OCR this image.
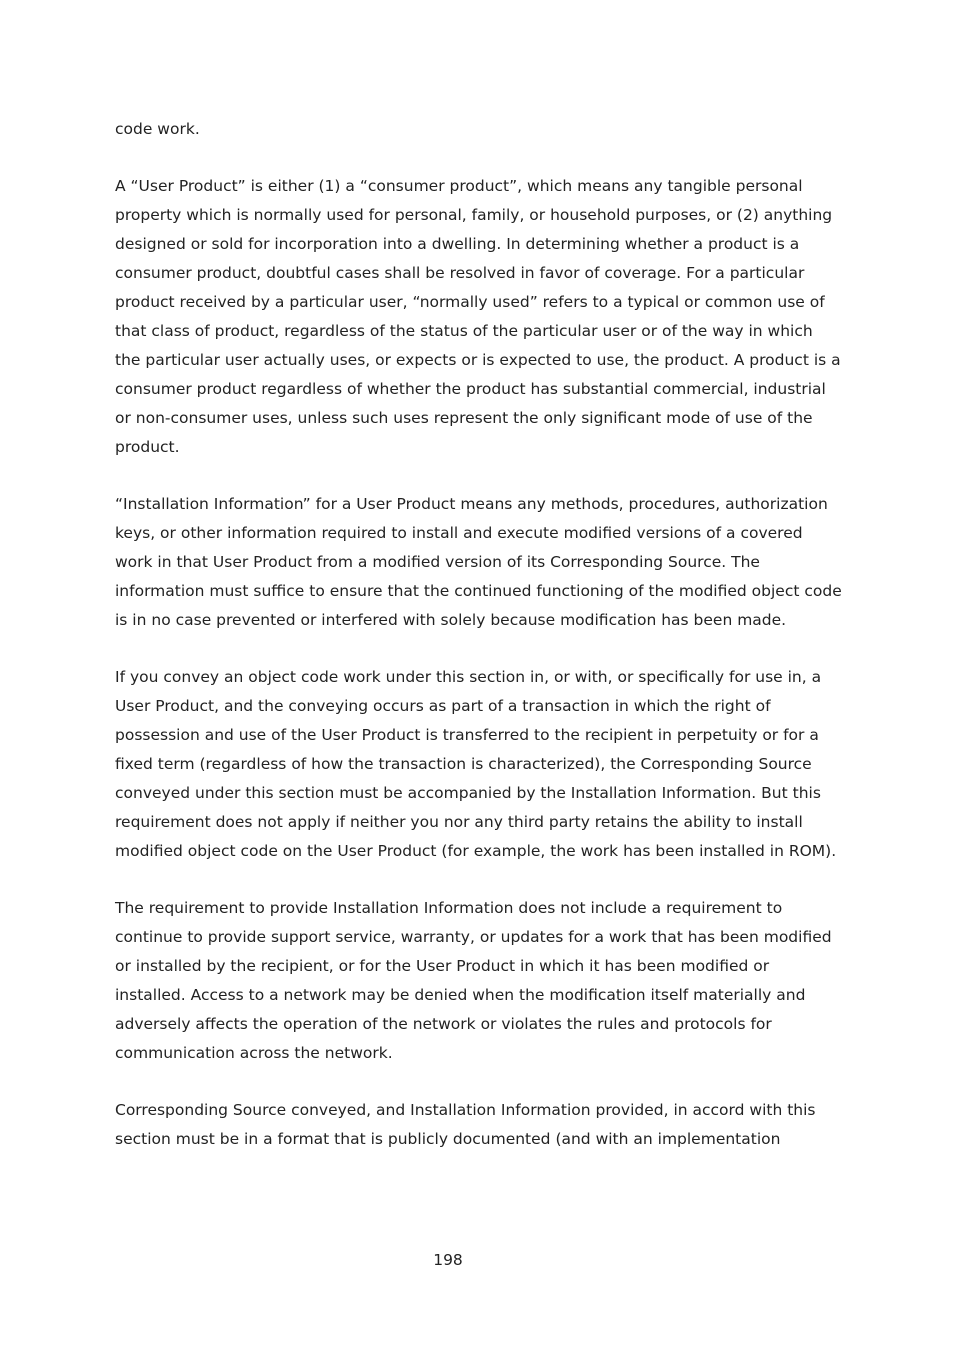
code work.

A “User Product” is either (1) a “consumer product”, which means any tangible personal property which is normally used for personal, family, or household purposes, or (2) anything designed or sold for incorporation into a dwelling. In determining whether a product is a consumer product, doubtful cases shall be resolved in favor of coverage. For a particular product received by a particular user, “normally used” refers to a typical or common use of that class of product, regardless of the status of the particular user or of the way in which the particular user actually uses, or expects or is expected to use, the product. A product is a consumer product regardless of whether the product has substantial commercial, industrial or non-consumer uses, unless such uses represent the only significant mode of use of the product.

“Installation Information” for a User Product means any methods, procedures, authorization keys, or other information required to install and execute modified versions of a covered work in that User Product from a modified version of its Corresponding Source. The information must suffice to ensure that the continued functioning of the modified object code is in no case prevented or interfered with solely because modification has been made.

If you convey an object code work under this section in, or with, or specifically for use in, a User Product, and the conveying occurs as part of a transaction in which the right of possession and use of the User Product is transferred to the recipient in perpetuity or for a fixed term (regardless of how the transaction is characterized), the Corresponding Source conveyed under this section must be accompanied by the Installation Information. But this requirement does not apply if neither you nor any third party retains the ability to install modified object code on the User Product (for example, the work has been installed in ROM).

The requirement to provide Installation Information does not include a requirement to continue to provide support service, warranty, or updates for a work that has been modified or installed by the recipient, or for the User Product in which it has been modified or installed. Access to a network may be denied when the modification itself materially and adversely affects the operation of the network or violates the rules and protocols for communication across the network.

Corresponding Source conveyed, and Installation Information provided, in accord with this section must be in a format that is publicly documented (and with an implementation

198
